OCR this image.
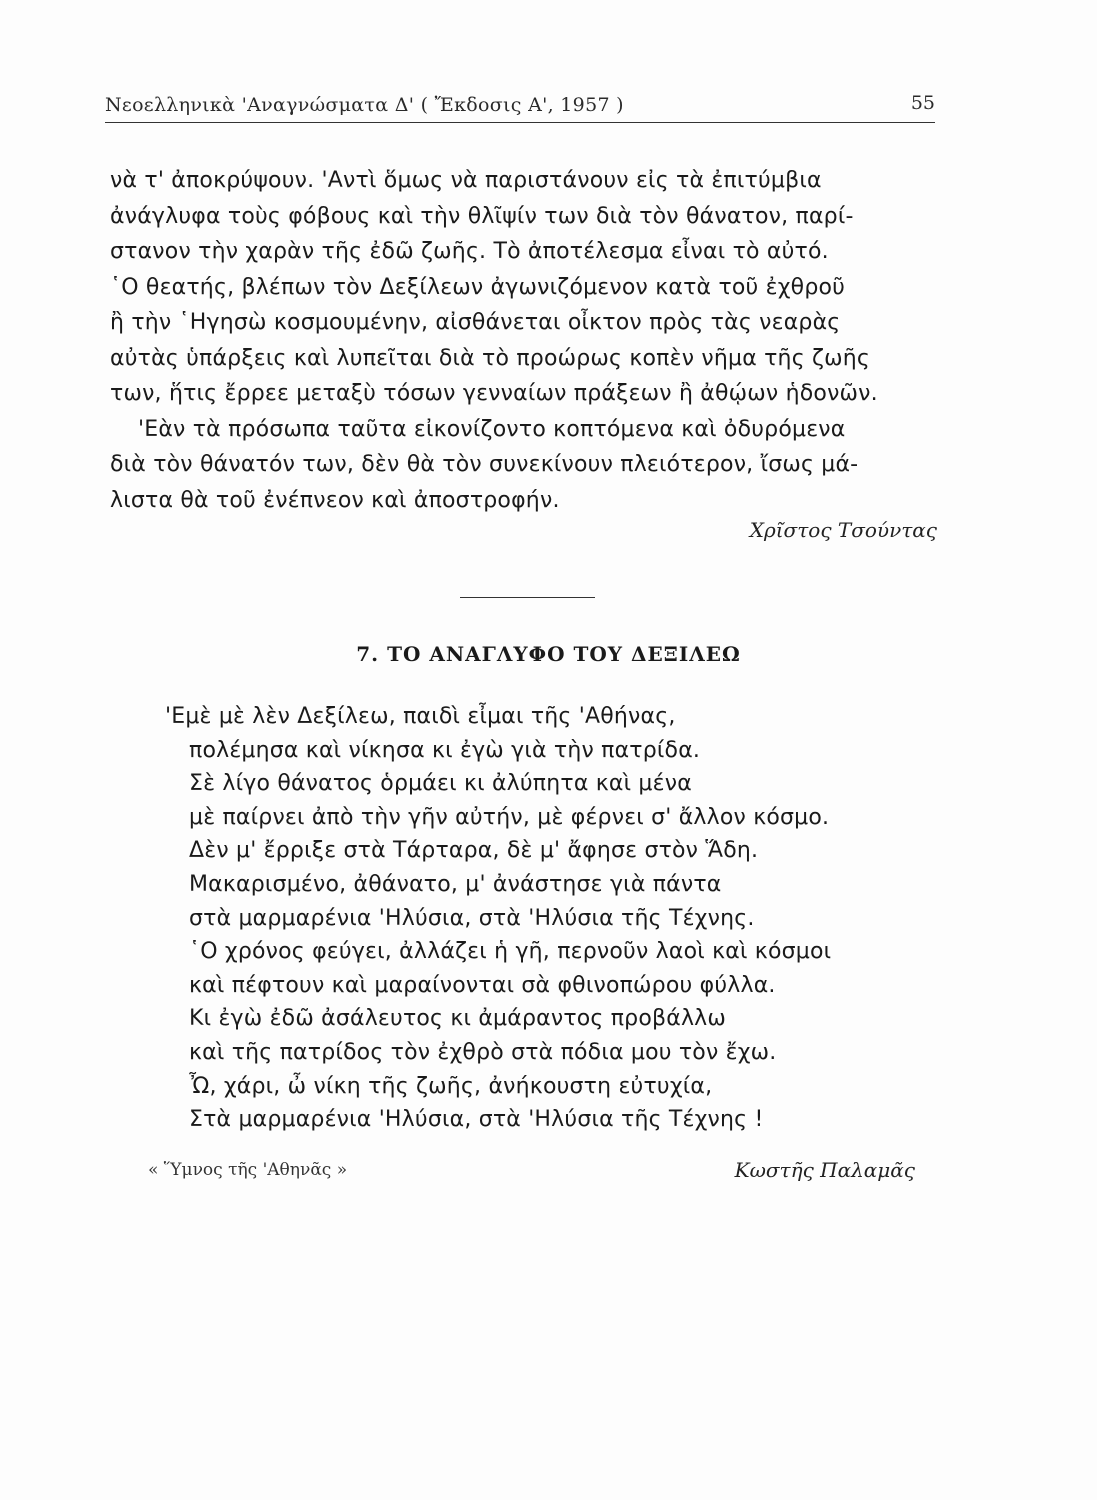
Νεοελληνικὰ 'Αναγνώσματα Δ' ( Ἔκδοσις Α', 1957 )	55
νὰ τ' ἀποκρύψουν. 'Αντὶ ὅμως νὰ παριστάνουν εἰς τὰ ἐπιτύμβια
ἀνάγλυφα τοὺς φόβους καὶ τὴν θλῖψίν των διὰ τὸν θάνατον, παρί-
στανον τὴν χαρὰν τῆς ἐδῶ ζωῆς. Τὸ ἀποτέλεσμα εἶναι τὸ αὐτό.
῾Ο θεατής, βλέπων τὸν Δεξίλεων ἀγωνιζόμενον κατὰ τοῦ ἐχθροῦ
ἢ τὴν ῾Ηγησὼ κοσμουμένην, αἰσθάνεται οἶκτον πρὸς τὰς νεαρὰς
αὐτὰς ὑπάρξεις καὶ λυπεῖται διὰ τὸ προώρως κοπὲν νῆμα τῆς ζωῆς
των, ἥτις ἔρρεε μεταξὺ τόσων γενναίων πράξεων ἢ ἀθῴων ἡδονῶν.
'Εὰν τὰ πρόσωπα ταῦτα εἰκονίζοντο κοπτόμενα καὶ ὀδυρόμενα
διὰ τὸν θάνατόν των, δὲν θὰ τὸν συνεκίνουν πλειότερον, ἴσως μά-
λιστα θὰ τοῦ ἐνέπνεον καὶ ἀποστροφήν.
Χρῖστος Τσούντας
7. ΤΟ ΑΝΑΓΛΥΦΟ ΤΟΥ ΔΕΞΙΛΕΩ
'Εμὲ μὲ λὲν Δεξίλεω, παιδὶ εἶμαι τῆς 'Αθήνας,
πολέμησα καὶ νίκησα κι ἐγὼ γιὰ τὴν πατρίδα.
Σὲ λίγο θάνατος ὁρμάει κι ἀλύπητα καὶ μένα
μὲ παίρνει ἀπὸ τὴν γῆν αὐτήν, μὲ φέρνει σ' ἄλλον κόσμο.
Δὲν μ' ἔρριξε στὰ Τάρταρα, δὲ μ' ἄφησε στὸν Ἅδη.
Μακαρισμένο, ἀθάνατο, μ' ἀνάστησε γιὰ πάντα
στὰ μαρμαρένια 'Ηλύσια, στὰ 'Ηλύσια τῆς Τέχνης.
῾Ο χρόνος φεύγει, ἀλλάζει ἡ γῆ, περνοῦν λαοὶ καὶ κόσμοι
καὶ πέφτουν καὶ μαραίνονται σὰ φθινοπώρου φύλλα.
Κι ἐγὼ ἐδῶ ἀσάλευτος κι ἀμάραντος προβάλλω
καὶ τῆς πατρίδος τὸν ἐχθρὸ στὰ πόδια μου τὸν ἔχω.
Ὦ, χάρι, ὦ νίκη τῆς ζωῆς, ἀνήκουστη εὐτυχία,
Στὰ μαρμαρένια 'Ηλύσια, στὰ 'Ηλύσια τῆς Τέχνης !
« Ὕμνος τῆς 'Αθηνᾶς »	Κωστῆς Παλαμᾶς
